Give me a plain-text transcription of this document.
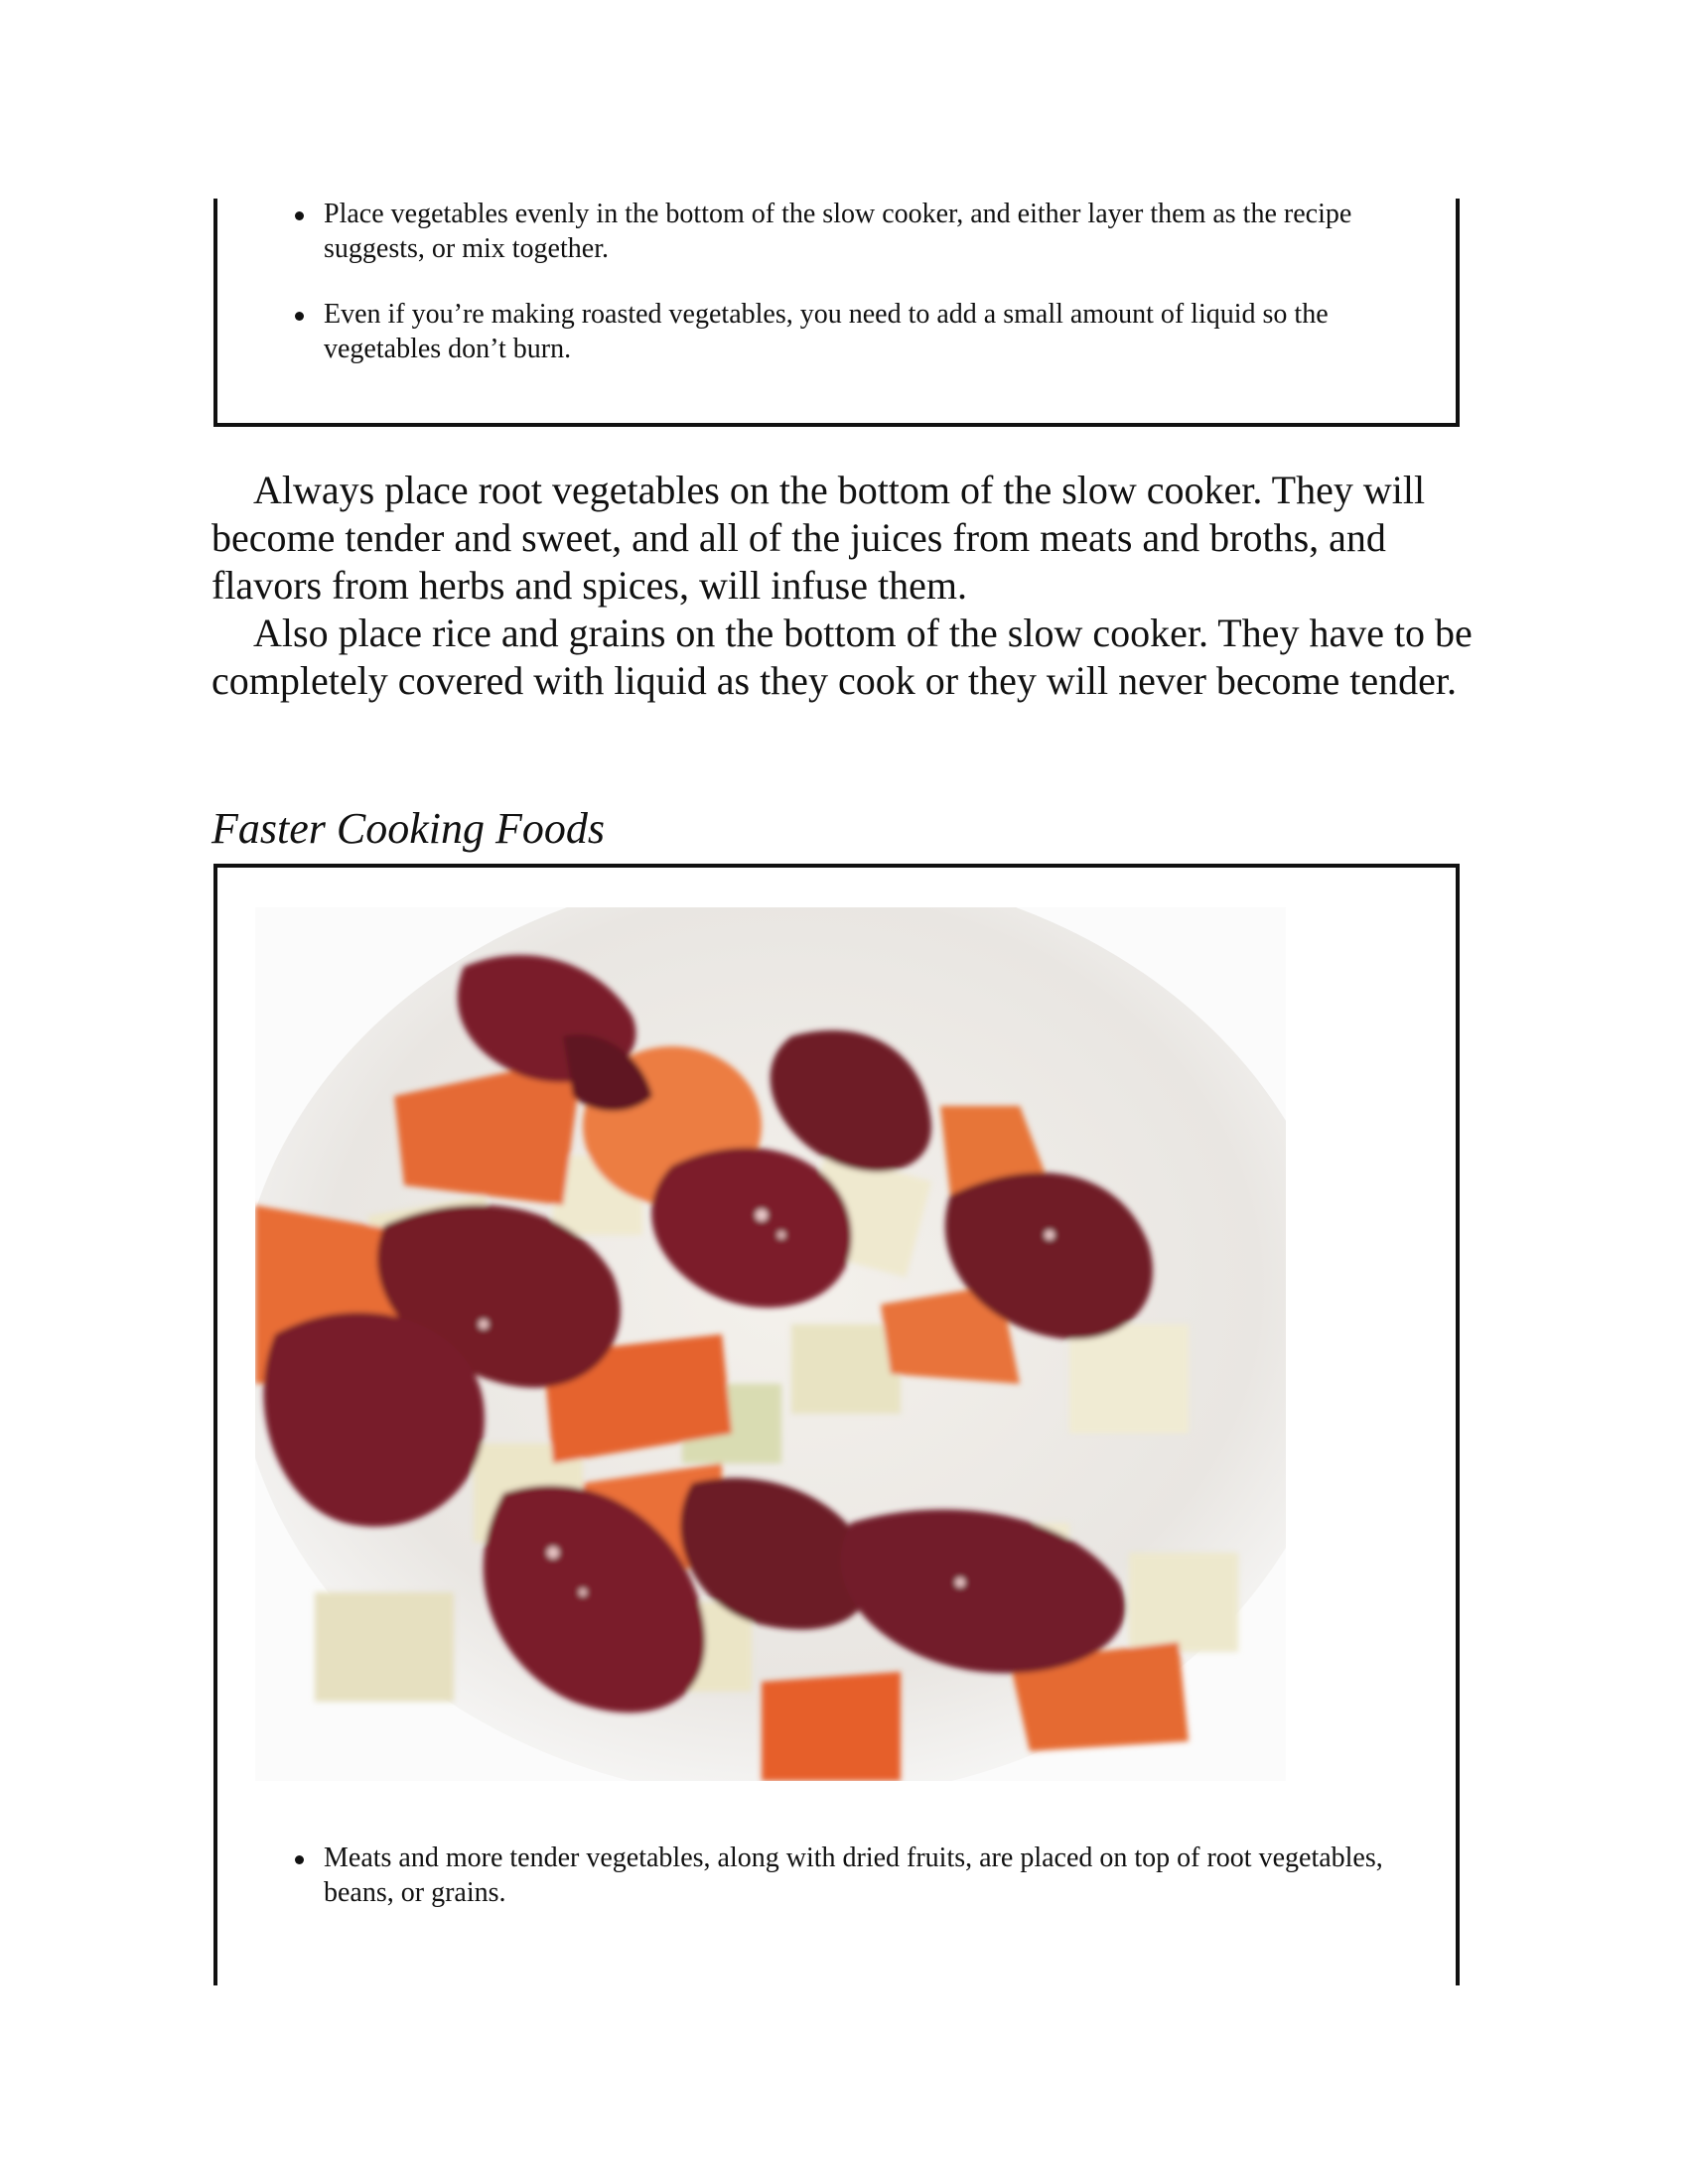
Place vegetables evenly in the bottom of the slow cooker, and either layer them as the recipe suggests, or mix together.
Even if you’re making roasted vegetables, you need to add a small amount of liquid so the vegetables don’t burn.

Always place root vegetables on the bottom of the slow cooker. They will become tender and sweet, and all of the juices from meats and broths, and flavors from herbs and spices, will infuse them.

Also place rice and grains on the bottom of the slow cooker. They have to be completely covered with liquid as they cook or they will never become tender.

Faster Cooking Foods
Meats and more tender vegetables, along with dried fruits, are placed on top of root vegetables, beans, or grains.
